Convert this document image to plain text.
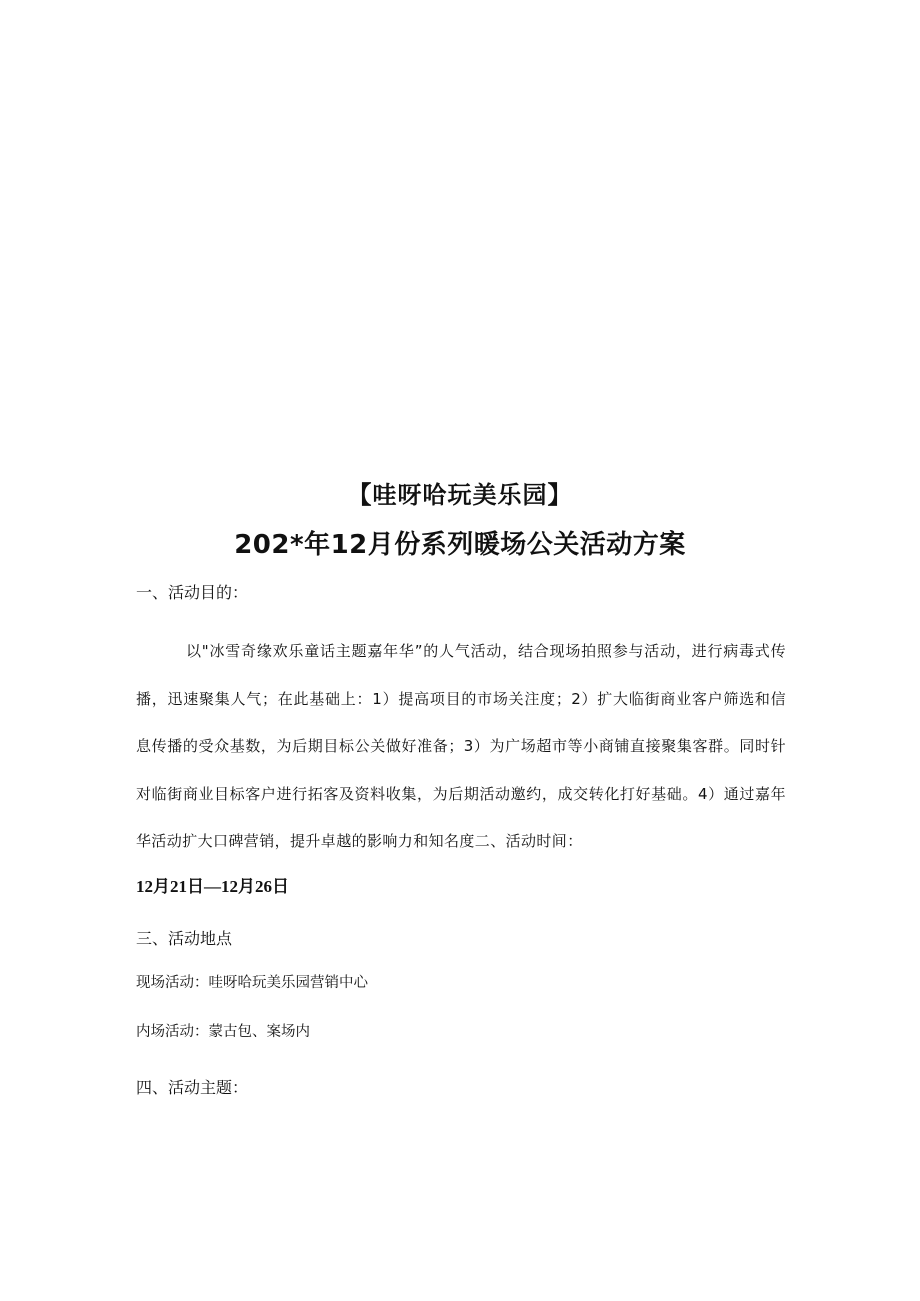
【哇呀哈玩美乐园】
202*年12月份系列暖场公关活动方案
一、活动目的：
以"冰雪奇缘欢乐童话主题嘉年华”的人气活动，结合现场拍照参与活动，进行病毒式传播，迅速聚集人气；在此基础上：1）提高项目的市场关注度；2）扩大临街商业客户筛选和信息传播的受众基数，为后期目标公关做好准备；3）为广场超市等小商铺直接聚集客群。同时针对临街商业目标客户进行拓客及资料收集，为后期活动邀约，成交转化打好基础。4）通过嘉年华活动扩大口碑营销，提升卓越的影响力和知名度二、活动时间：
12月21日—12月26日
三、活动地点
现场活动：哇呀哈玩美乐园营销中心
内场活动：蒙古包、案场内
四、活动主题：
